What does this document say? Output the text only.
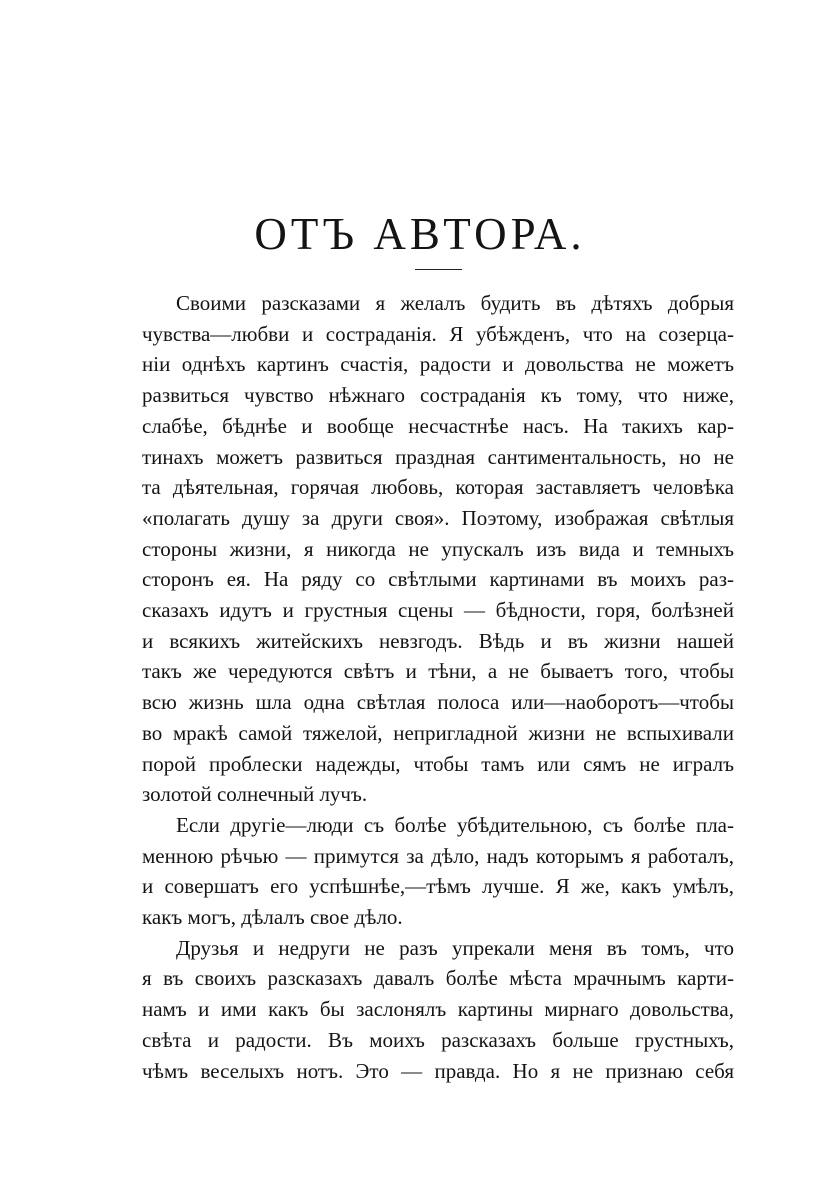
ОТЪ АВТОРА.
Своими разсказами я желалъ будить въ дѣтяхъ добрыя
чувства—любви и состраданія. Я убѣжденъ, что на созерца-
ніи однѣхъ картинъ счастія, радости и довольства не можетъ
развиться чувство нѣжнаго состраданія къ тому, что ниже,
слабѣе, бѣднѣе и вообще несчастнѣе насъ. На такихъ кар-
тинахъ можетъ развиться праздная сантиментальность, но не
та дѣятельная, горячая любовь, которая заставляетъ человѣка
«полагать душу за други своя». Поэтому, изображая свѣтлыя
стороны жизни, я никогда не упускалъ изъ вида и темныхъ
сторонъ ея. На ряду со свѣтлыми картинами въ моихъ раз-
сказахъ идутъ и грустныя сцены — бѣдности, горя, болѣзней
и всякихъ житейскихъ невзгодъ. Вѣдь и въ жизни нашей
такъ же чередуются свѣтъ и тѣни, а не бываетъ того, чтобы
всю жизнь шла одна свѣтлая полоса или—наоборотъ—чтобы
во мракѣ самой тяжелой, непригладной жизни не вспыхивали
порой проблески надежды, чтобы тамъ или сямъ не игралъ
золотой солнечный лучъ.
Если другіе—люди съ болѣе убѣдительною, съ болѣе пла-
менною рѣчью — примутся за дѣло, надъ которымъ я работалъ,
и совершатъ его успѣшнѣе,—тѣмъ лучше. Я же, какъ умѣлъ,
какъ могъ, дѣлалъ свое дѣло.
Друзья и недруги не разъ упрекали меня въ томъ, что
я въ своихъ разсказахъ давалъ болѣе мѣста мрачнымъ карти-
намъ и ими какъ бы заслонялъ картины мирнаго довольства,
свѣта и радости. Въ моихъ разсказахъ больше грустныхъ,
чѣмъ веселыхъ нотъ. Это — правда. Но я не признаю себя
